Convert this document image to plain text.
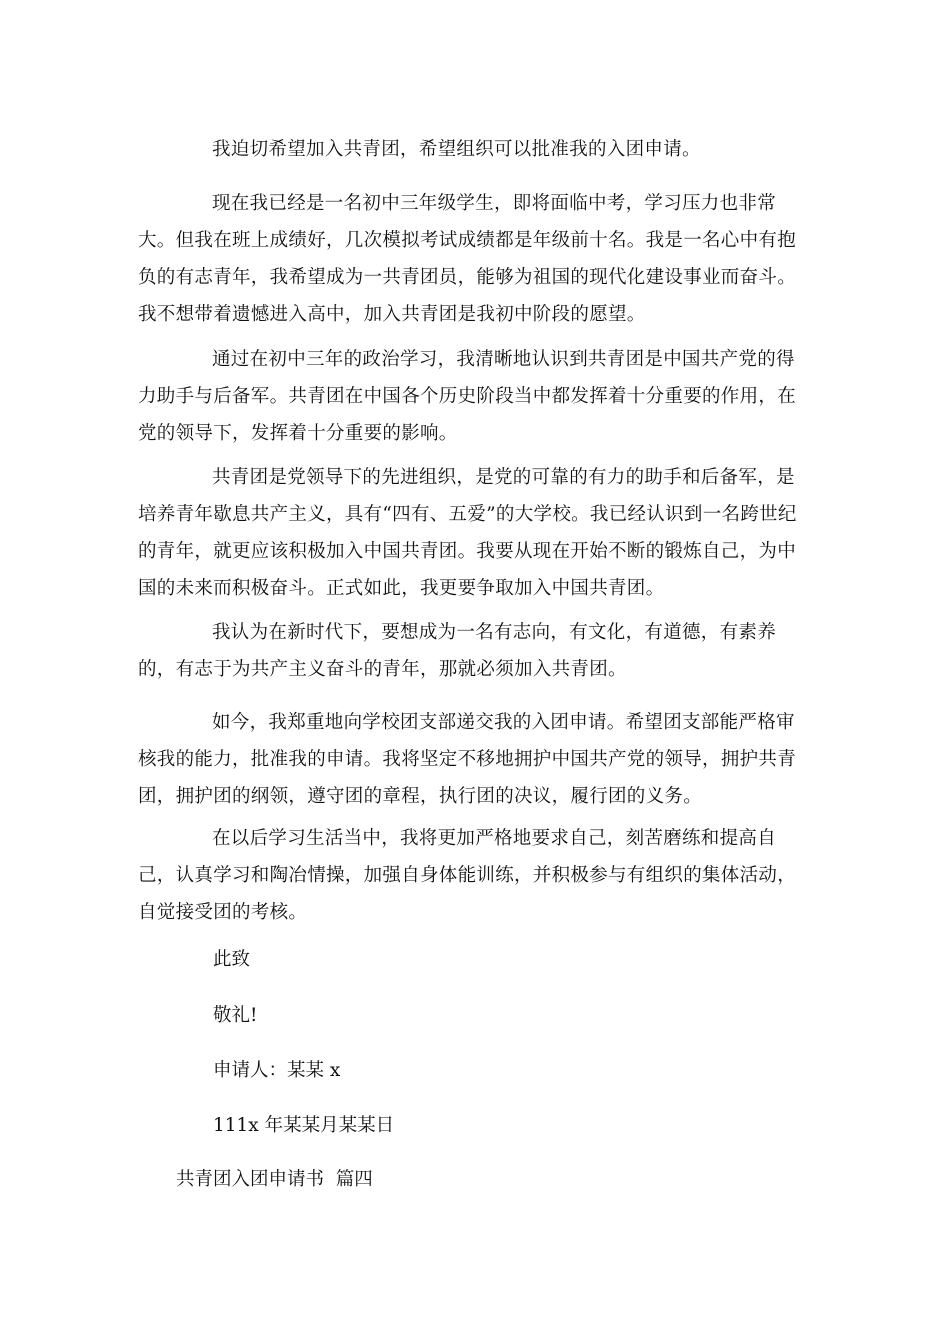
我迫切希望加入共青团，希望组织可以批准我的入团申请。

现在我已经是一名初中三年级学生，即将面临中考，学习压力也非常大。但我在班上成绩好，几次模拟考试成绩都是年级前十名。我是一名心中有抱负的有志青年，我希望成为一共青团员，能够为祖国的现代化建设事业而奋斗。我不想带着遗憾进入高中，加入共青团是我初中阶段的愿望。

通过在初中三年的政治学习，我清晰地认识到共青团是中国共产党的得力助手与后备军。共青团在中国各个历史阶段当中都发挥着十分重要的作用，在党的领导下，发挥着十分重要的影响。

共青团是党领导下的先进组织，是党的可靠的有力的助手和后备军，是培养青年歇息共产主义，具有“四有、五爱”的大学校。我已经认识到一名跨世纪的青年，就更应该积极加入中国共青团。我要从现在开始不断的锻炼自己，为中国的未来而积极奋斗。正式如此，我更要争取加入中国共青团。

我认为在新时代下，要想成为一名有志向，有文化，有道德，有素养的，有志于为共产主义奋斗的青年，那就必须加入共青团。

如今，我郑重地向学校团支部递交我的入团申请。希望团支部能严格审核我的能力，批准我的申请。我将坚定不移地拥护中国共产党的领导，拥护共青团，拥护团的纲领，遵守团的章程，执行团的决议，履行团的义务。

在以后学习生活当中，我将更加严格地要求自己，刻苦磨练和提高自己，认真学习和陶冶情操，加强自身体能训练，并积极参与有组织的集体活动，自觉接受团的考核。

此致

敬礼!

申请人：某某 x

111x 年某某月某某日

共青团入团申请书  篇四
